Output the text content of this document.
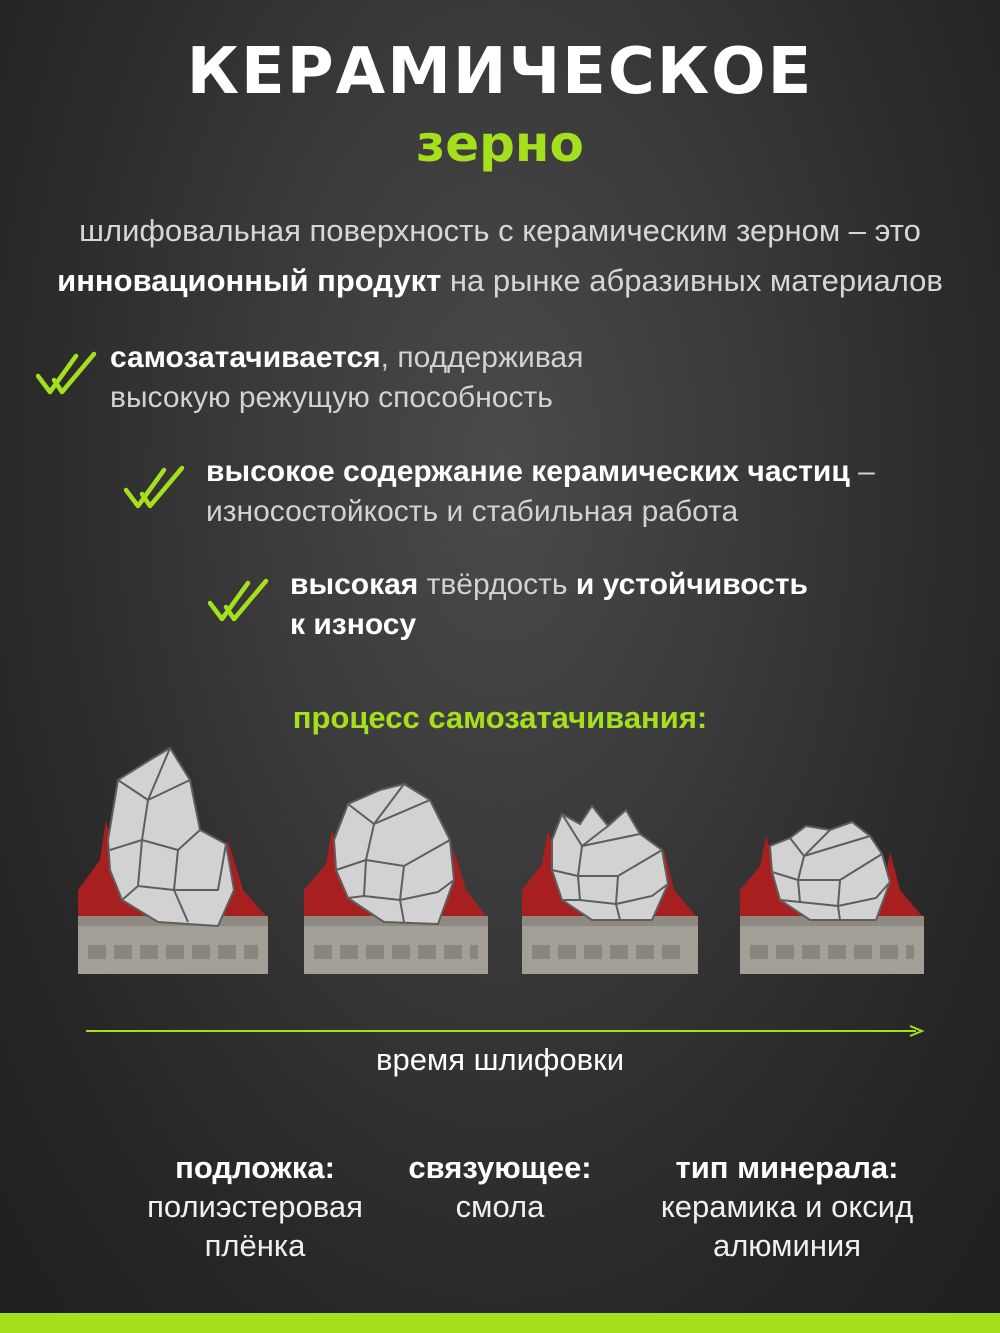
КЕРАМИЧЕСКОЕ
зерно
шлифовальная поверхность с керамическим зерном – это
инновационный продукт на рынке абразивных материалов
самозатачивается, поддерживая
высокую режущую способность
высокое содержание керамических частиц –
износостойкость и стабильная работа
высокая твёрдость и устойчивость
к износу
процесс самозатачивания:
время шлифовки
подложка:
полиэстеровая
плёнка
связующее:
смола
тип минерала:
керамика и оксид
алюминия
